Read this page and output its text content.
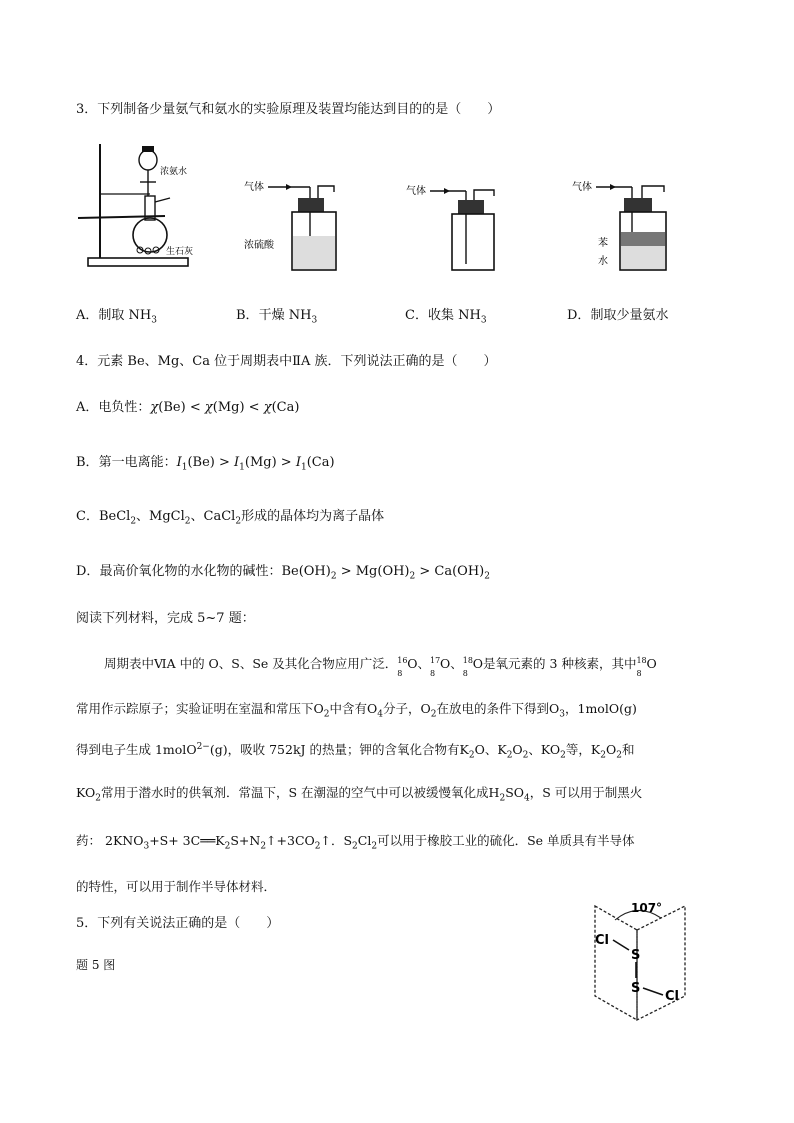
3．下列制备少量氨气和氨水的实验原理及装置均能达到目的的是（　　）
浓氨水
生石灰
气体
浓硫酸
气体	气体
苯
水
A．制取 $NH_3$	B．干燥 $NH_3$	C．收集 $NH_3$	D．制取少量氨水
4．元素 Be、Mg、Ca 位于周期表中ⅡA 族．下列说法正确的是（　　）
A．电负性：χ(Be) < χ(Mg) < χ(Ca)
B．第一电离能：$I_1(Be) > I_1(Mg) > I_1(Ca)$
C．BeCl$_2$、MgCl$_2$、CaCl$_2$形成的晶体均为离子晶体
D．最高价氧化物的水化物的碱性：$Be(OH)_2 > Mg(OH)_2 > Ca(OH)_2$
阅读下列材料，完成 5~7 题：
周期表中ⅥA 中的 O、S、Se 及其化合物应用广泛． 16
8
O、 17
8
O、 18
8
O是氧元素的 3 种核素，其中 18
8
O
常用作示踪原子；实验证明在室温和常压下$O_2$中含有$O_4$分子，$O_2$在放电的条件下得到$O_3$，1molO(g)
得到电子生成 1molO$^{2-}$(g)，吸收 752kJ 的热量；钾的含氧化合物有$K_2O$、$K_2O_2$、$KO_2$等，$K_2O_2$和
$KO_2$常用于潜水时的供氧剂．常温下，S 在潮湿的空气中可以被缓慢氧化成$H_2SO_4$，S 可以用于制黑火
药： $2KNO_3+S+$ $3C══K_2S+N_2↑+3CO_2↑$．$S_2Cl_2$可以用于橡胶工业的硫化．Se 单质具有半导体
的特性，可以用于制作半导体材料．
5．下列有关说法正确的是（　　）
题 5 图
107°
Cl
S
S
Cl
